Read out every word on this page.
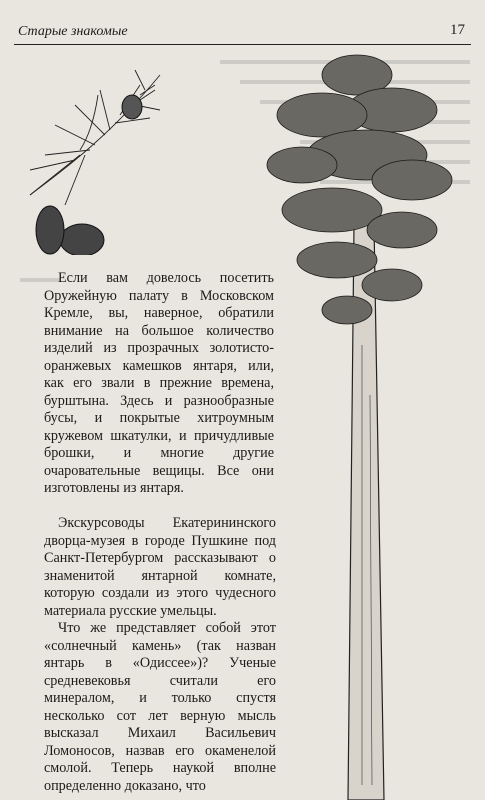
Старые знакомые	17

Если вам довелось посетить Оружейную палату в Московском Кремле, вы, наверное, обратили внимание на большое количество изделий из прозрачных золотисто-оранжевых камешков янтаря, или, как его звали в прежние времена, бурштына. Здесь и разнообразные бусы, и покрытые хитроумным кружевом шкатулки, и причудливые брошки, и многие другие очаровательные вещицы. Все они изготовлены из янтаря.

Экскурсоводы Екатерининского дворца-музея в городе Пушкине под Санкт-Петербургом рассказывают о знаменитой янтарной комнате, которую создали из этого чудесного материала русские умельцы.

Что же представляет собой этот «солнечный камень» (так назван янтарь в «Одиссее»)? Ученые средневековья считали его минералом, и только спустя несколько сот лет верную мысль высказал Михаил Васильевич Ломоносов, назвав его окаменелой смолой. Теперь наукой вполне определенно доказано, что
